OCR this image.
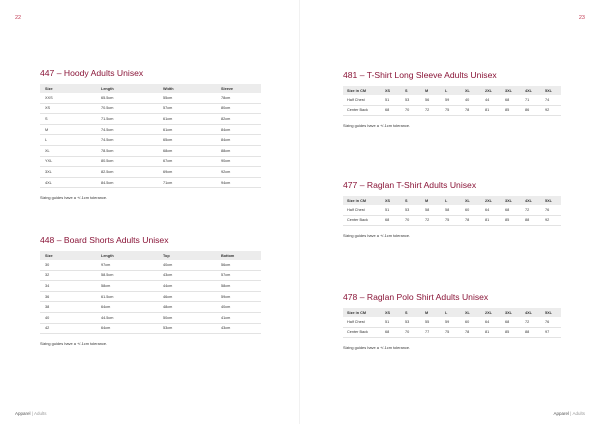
22
447 – Hoody Adults Unisex
Size	Length	Width	Sleeve
XXS	65.5cm	55cm	78cm
XS	70.5cm	57cm	80cm
S	71.5cm	61cm	82cm
M	74.5cm	61cm	84cm
L	74.5cm	65cm	84cm
XL	78.5cm	68cm	88cm
YXL	80.5cm	67cm	90cm
3XL	82.5cm	69cm	92cm
4XL	84.5cm	71cm	94cm
Sizing guides have a +/-1cm tolerance.
448 – Board Shorts Adults Unisex
Size	Length	Top	Bottom
30	97cm	40cm	56cm
32	58.5cm	43cm	57cm
34	58cm	44cm	58cm
36	61.5cm	46cm	59cm
38	64cm	48cm	40cm
40	44.5cm	50cm	41cm
42	64cm	53cm	43cm
Sizing guides have a +/-1cm tolerance.
Apparel | Adults
23
481 – T-Shirt Long Sleeve Adults Unisex
Size in CM	XS	S	M	L	XL	2XL	3XL	4XL	5XL
Half Chest	51	53	56	59	40	44	68	71	74
Center Back	68	70	72	75	78	81	85	86	92
Sizing guides have a +/-1cm tolerance.
477 – Raglan T-Shirt Adults Unisex
Size in CM	XS	S	M	L	XL	2XL	3XL	4XL	5XL
Half Chest	51	53	58	58	60	64	68	72	76
Center Back	68	70	72	75	78	81	85	88	92
Sizing guides have a +/-1cm tolerance.
478 – Raglan Polo Shirt Adults Unisex
Size in CM	XS	S	M	L	XL	2XL	3XL	4XL	5XL
Half Chest	51	53	55	59	60	64	68	72	76
Center Back	68	70	77	75	78	81	85	88	97
Sizing guides have a +/-1cm tolerance.
Apparel | Adults
